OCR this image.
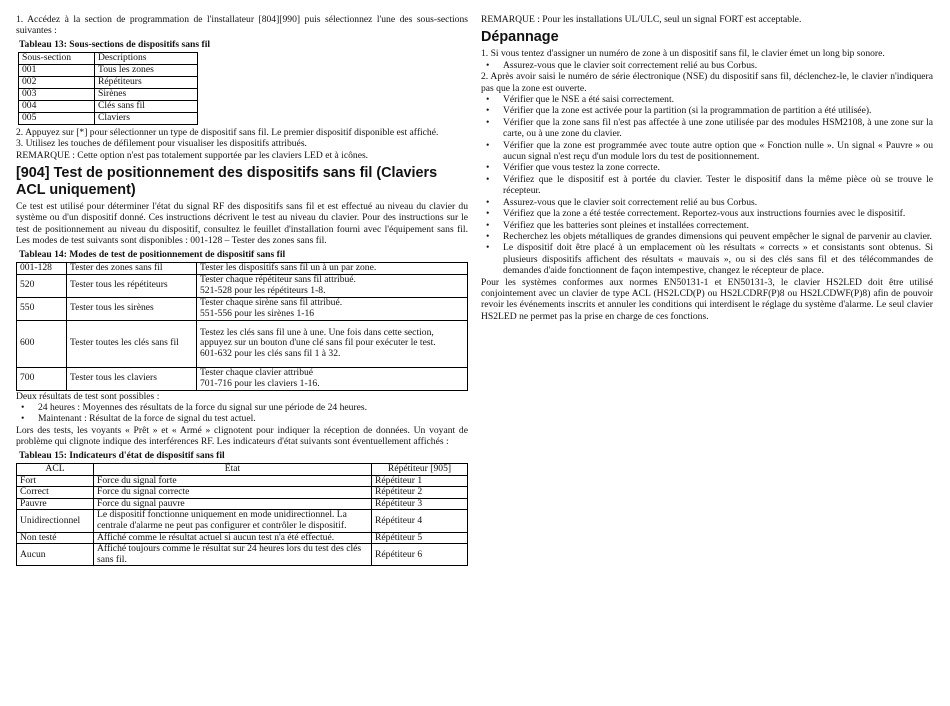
1. Accédez à la section de programmation de l'installateur [804][990] puis sélectionnez l'une des sous-sections suivantes :

Tableau 13: Sous-sections de dispositifs sans fil

Sous-section	Descriptions
001	Tous les zones
002	Répétiteurs
003	Sirènes
004	Clés sans fil
005	Claviers

2. Appuyez sur [*] pour sélectionner un type de dispositif sans fil. Le premier dispositif disponible est affiché.

3. Utilisez les touches de défilement pour visualiser les dispositifs attribués.

REMARQUE : Cette option n'est pas totalement supportée par les claviers LED et à icônes.

[904] Test de positionnement des dispositifs sans fil (Claviers ACL uniquement)

Ce test est utilisé pour déterminer l'état du signal RF des dispositifs sans fil et est effectué au niveau du clavier du système ou d'un dispositif donné. Ces instructions décrivent le test au niveau du clavier. Pour des instructions sur le test de positionnement au niveau du dispositif, consultez le feuillet d'installation fourni avec l'équipement sans fil. Les modes de test suivants sont disponibles : 001-128 – Tester des zones sans fil.

Tableau 14: Modes de test de positionnement de dispositif sans fil

001-128	Tester des zones sans fil	Tester les dispositifs sans fil un à un par zone.
520	Tester tous les répétiteurs	Tester chaque répétiteur sans fil attribué.
521-528 pour les répétiteurs 1-8.
550	Tester tous les sirènes	Tester chaque sirène sans fil attribué.
551-556 pour les sirènes 1-16
600	Tester toutes les clés sans fil	Testez les clés sans fil une à une. Une fois dans cette section, appuyez sur un bouton d'une clé sans fil pour exécuter le test.
601-632 pour les clés sans fil 1 à 32.
700	Tester tous les claviers	Tester chaque clavier attribué
701-716 pour les claviers 1-16.

Deux résultats de test sont possibles :

• 24 heures : Moyennes des résultats de la force du signal sur une période de 24 heures.
• Maintenant : Résultat de la force de signal du test actuel.

Lors des tests, les voyants « Prêt » et « Armé » clignotent pour indiquer la réception de données. Un voyant de problème qui clignote indique des interférences RF. Les indicateurs d'état suivants sont éventuellement affichés :

Tableau 15: Indicateurs d'état de dispositif sans fil

ACL	État	Répétiteur [905]
Fort	Force du signal forte	Répétiteur 1
Correct	Force du signal correcte	Répétiteur 2
Pauvre	Force du signal pauvre	Répétiteur 3
Unidirectionnel	Le dispositif fonctionne uniquement en mode unidirectionnel. La centrale d'alarme ne peut pas configurer et contrôler le dispositif.	Répétiteur 4
Non testé	Affiché comme le résultat actuel si aucun test n'a été effectué.	Répétiteur 5
Aucun	Affiché toujours comme le résultat sur 24 heures lors du test des clés sans fil.	Répétiteur 6

REMARQUE : Pour les installations UL/ULC, seul un signal FORT est acceptable.

Dépannage

1. Si vous tentez d'assigner un numéro de zone à un dispositif sans fil, le clavier émet un long bip sonore.

• Assurez-vous que le clavier soit correctement relié au bus Corbus.

2. Après avoir saisi le numéro de série électronique (NSE) du dispositif sans fil, déclenchez-le, le clavier n'indiquera pas que la zone est ouverte.

• Vérifier que le NSE a été saisi correctement.
• Vérifier que la zone est activée pour la partition (si la programmation de partition a été utilisée).
• Vérifier que la zone sans fil n'est pas affectée à une zone utilisée par des modules HSM2108, à une zone sur la carte, ou à une zone du clavier.
• Vérifier que la zone est programmée avec toute autre option que « Fonction nulle ». Un signal « Pauvre » ou aucun signal n'est reçu d'un module lors du test de positionnement.
• Vérifier que vous testez la zone correcte.
• Vérifiez que le dispositif est à portée du clavier. Tester le dispositif dans la même pièce où se trouve le récepteur.
• Assurez-vous que le clavier soit correctement relié au bus Corbus.
• Vérifiez que la zone a été testée correctement. Reportez-vous aux instructions fournies avec le dispositif.
• Vérifiez que les batteries sont pleines et installées correctement.
• Recherchez les objets métalliques de grandes dimensions qui peuvent empêcher le signal de parvenir au clavier.
• Le dispositif doit être placé à un emplacement où les résultats « corrects » et consistants sont obtenus. Si plusieurs dispositifs affichent des résultats « mauvais », ou si des clés sans fil et des télécommandes de demandes d'aide fonctionnent de façon intempestive, changez le récepteur de place.

Pour les systèmes conformes aux normes EN50131-1 et EN50131-3, le clavier HS2LED doit être utilisé conjointement avec un clavier de type ACL (HS2LCD(P) ou HS2LCDRF(P)8 ou HS2LCDWF(P)8) afin de pouvoir revoir les événements inscrits et annuler les conditions qui interdisent le réglage du système d'alarme. Le seul clavier HS2LED ne permet pas la prise en charge de ces fonctions.
